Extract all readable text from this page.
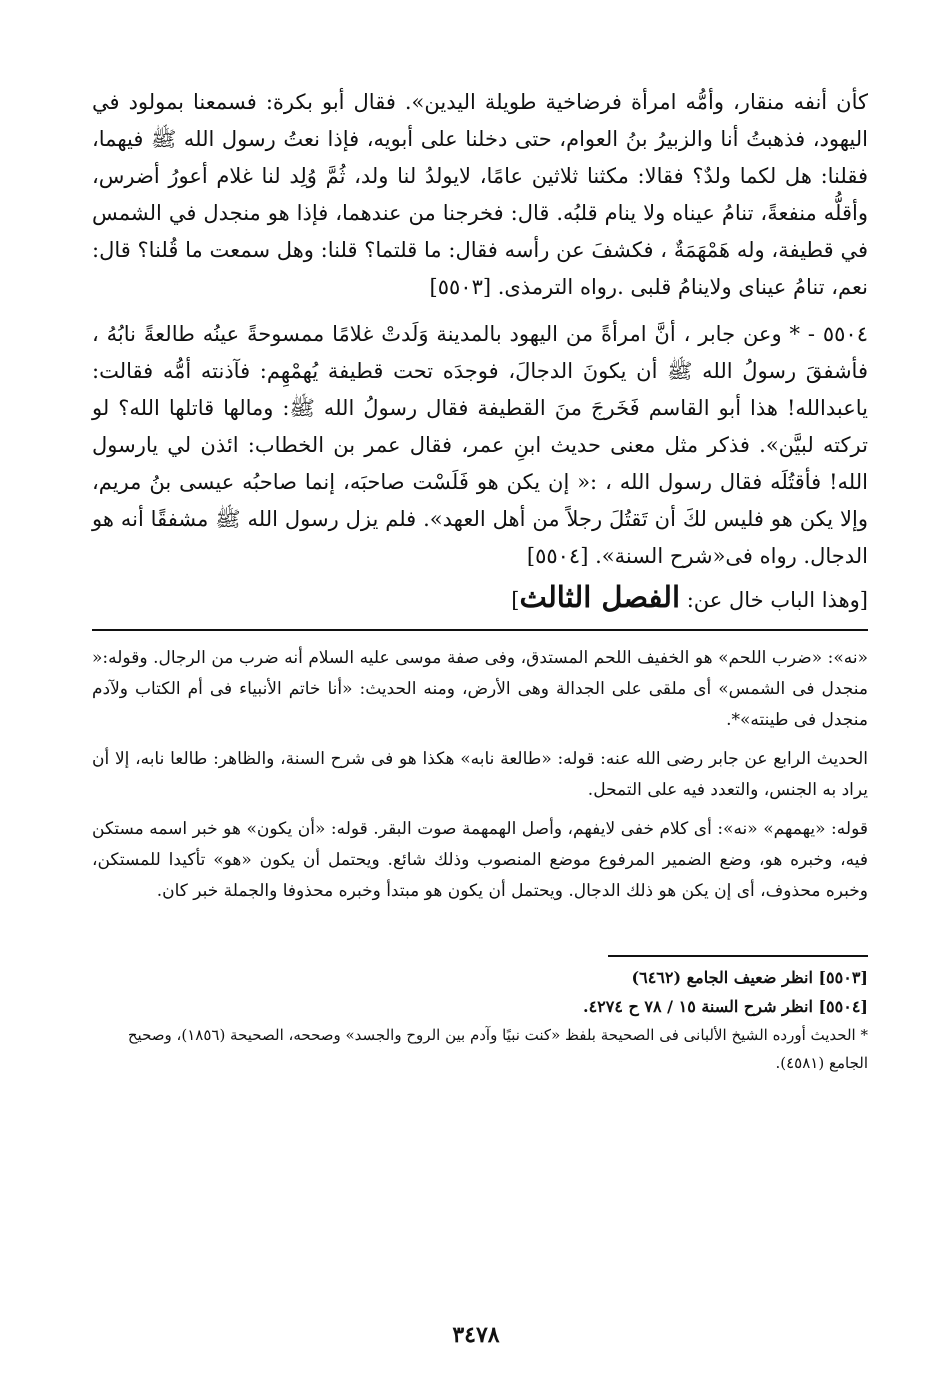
كأن أنفه منقار، وأمُّه امرأة فرضاخية طويلة اليدين». فقال أبو بكرة: فسمعنا بمولود في اليهود، فذهبتُ أنا والزبيرُ بنُ العوام، حتى دخلنا على أبويه، فإذا نعتُ رسول الله ﷺ فيهما، فقلنا: هل لكما ولدٌ؟ فقالا: مكثنا ثلاثين عامًا، لايولدُ لنا ولد، ثُمَّ وُلِد لنا غلام أعورُ أضرس، وأقلُّه منفعةً، تنامُ عيناه ولا ينام قلبُه. قال: فخرجنا من عندهما، فإذا هو منجدل في الشمس في قطيفة، وله هَمْهَمَةٌ ، فكشفَ عن رأسه فقال: ما قلتما؟ قلنا: وهل سمعت ما قُلنا؟ قال: نعم، تنامُ عيناى ولاينامُ قلبى .رواه الترمذى. [٥٥٠٣]

٥٥٠٤ - * وعن جابر ، أنَّ امرأةً من اليهود بالمدينة وَلَدتْ غلامًا ممسوحةً عينُه طالعةً نابُهُ ، فأشفقَ رسولُ الله ﷺ أن يكونَ الدجالَ، فوجدَه تحت قطيفة يُهمْهِم: فآذنته أمُّه فقالت: ياعبدالله! هذا أبو القاسم فَخَرجَ منَ القطيفة فقال رسولُ الله ﷺ: ومالها قاتلها الله؟ لو تركته لبيَّن». فذكر مثل معنى حديث ابنِ عمر، فقال عمر بن الخطاب: ائذن لي يارسول الله! فأقتُلَه فقال رسول الله ، :« إن يكن هو فَلَسْت صاحبَه، إنما صاحبُه عيسى بنُ مريم، وإلا يكن هو فليس لكَ أن تَقتُلَ رجلاً من أهل العهد». فلم يزل رسول الله ﷺ مشفقًا أنه هو الدجال. رواه فى«شرح السنة». [٥٥٠٤]

[وهذا الباب خال عن: الفصل الثالث]

«نه»: «ضرب اللحم» هو الخفيف اللحم المستدق، وفى صفة موسى عليه السلام أنه ضرب من الرجال. وقوله:« منجدل فى الشمس» أى ملقى على الجدالة وهى الأرض، ومنه الحديث: «أنا خاتم الأنبياء فى أم الكتاب ولآدم منجدل فى طينته»*.

الحديث الرابع عن جابر رضى الله عنه: قوله: «طالعة نابه» هكذا هو فى شرح السنة، والظاهر: طالعا نابه، إلا أن يراد به الجنس، والتعدد فيه على التمحل.

قوله: «يهمهم» «نه»: أى كلام خفى لايفهم، وأصل الهمهمة صوت البقر. قوله: «أن يكون» هو خبر اسمه مستكن فيه، وخبره هو، وضع الضمير المرفوع موضع المنصوب وذلك شائع. ويحتمل أن يكون «هو» تأكيدا للمستكن، وخبره محذوف، أى إن يكن هو ذلك الدجال. ويحتمل أن يكون هو مبتدأ وخبره محذوفا والجملة خبر كان.

[٥٥٠٣] انظر ضعيف الجامع (٦٤٦٢)
[٥٥٠٤] انظر شرح السنة ١٥ / ٧٨ ح ٤٢٧٤.
* الحديث أورده الشيخ الألبانى فى الصحيحة بلفظ «كنت نبيًا وآدم بين الروح والجسد» وصححه، الصحيحة (١٨٥٦)، وصحيح الجامع (٤٥٨١).
٣٤٧٨
